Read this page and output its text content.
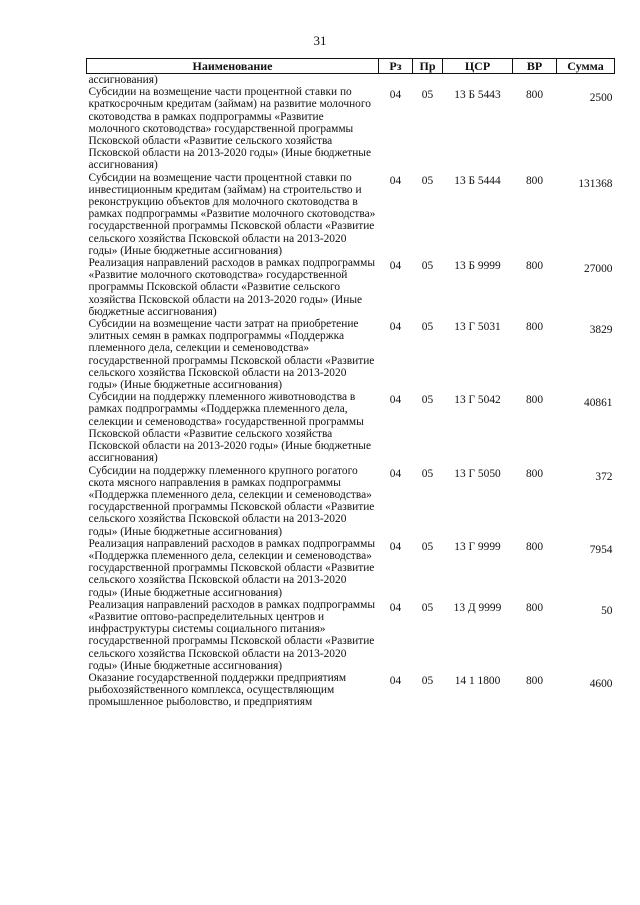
31
Наименование	Рз	Пр	ЦСР	ВР	Сумма
ассигнования)					
Субсидии на возмещение части процентной ставки по краткосрочным кредитам (займам) на развитие молочного скотоводства в рамках подпрограммы «Развитие молочного скотоводства» государственной программы Псковской области «Развитие сельского хозяйства Псковской области на 2013-2020 годы» (Иные бюджетные ассигнования)	04	05	13 Б 5443	800	2500
Субсидии на возмещение части процентной ставки по инвестиционным кредитам (займам) на строительство и реконструкцию объектов для молочного скотоводства в рамках подпрограммы «Развитие молочного скотоводства» государственной программы Псковской области «Развитие сельского хозяйства Псковской области на 2013-2020 годы» (Иные бюджетные ассигнования)	04	05	13 Б 5444	800	131368
Реализация направлений расходов в рамках подпрограммы «Развитие молочного скотоводства» государственной программы Псковской области «Развитие сельского хозяйства Псковской области на 2013-2020 годы» (Иные бюджетные ассигнования)	04	05	13 Б 9999	800	27000
Субсидии на возмещение части затрат на приобретение элитных семян в рамках подпрограммы «Поддержка племенного дела, селекции и семеноводства» государственной программы Псковской области «Развитие сельского хозяйства Псковской области на 2013-2020 годы» (Иные бюджетные ассигнования)	04	05	13 Г 5031	800	3829
Субсидии на поддержку племенного животноводства в рамках подпрограммы «Поддержка племенного дела, селекции и семеноводства» государственной программы Псковской области «Развитие сельского хозяйства Псковской области на 2013-2020 годы» (Иные бюджетные ассигнования)	04	05	13 Г 5042	800	40861
Субсидии на поддержку племенного крупного рогатого скота мясного направления в рамках подпрограммы «Поддержка племенного дела, селекции и семеноводства» государственной программы Псковской области «Развитие сельского хозяйства Псковской области на 2013-2020 годы» (Иные бюджетные ассигнования)	04	05	13 Г 5050	800	372
Реализация направлений расходов в рамках подпрограммы «Поддержка племенного дела, селекции и семеноводства» государственной программы Псковской области «Развитие сельского хозяйства Псковской области на 2013-2020 годы» (Иные бюджетные ассигнования)	04	05	13 Г 9999	800	7954
Реализация направлений расходов в рамках подпрограммы «Развитие оптово-распределительных центров и инфраструктуры системы социального питания» государственной программы Псковской области «Развитие сельского хозяйства Псковской области на 2013-2020 годы» (Иные бюджетные ассигнования)	04	05	13 Д 9999	800	50
Оказание государственной поддержки предприятиям рыбохозяйственного комплекса, осуществляющим промышленное рыболовство, и предприятиям	04	05	14 1 1800	800	4600
